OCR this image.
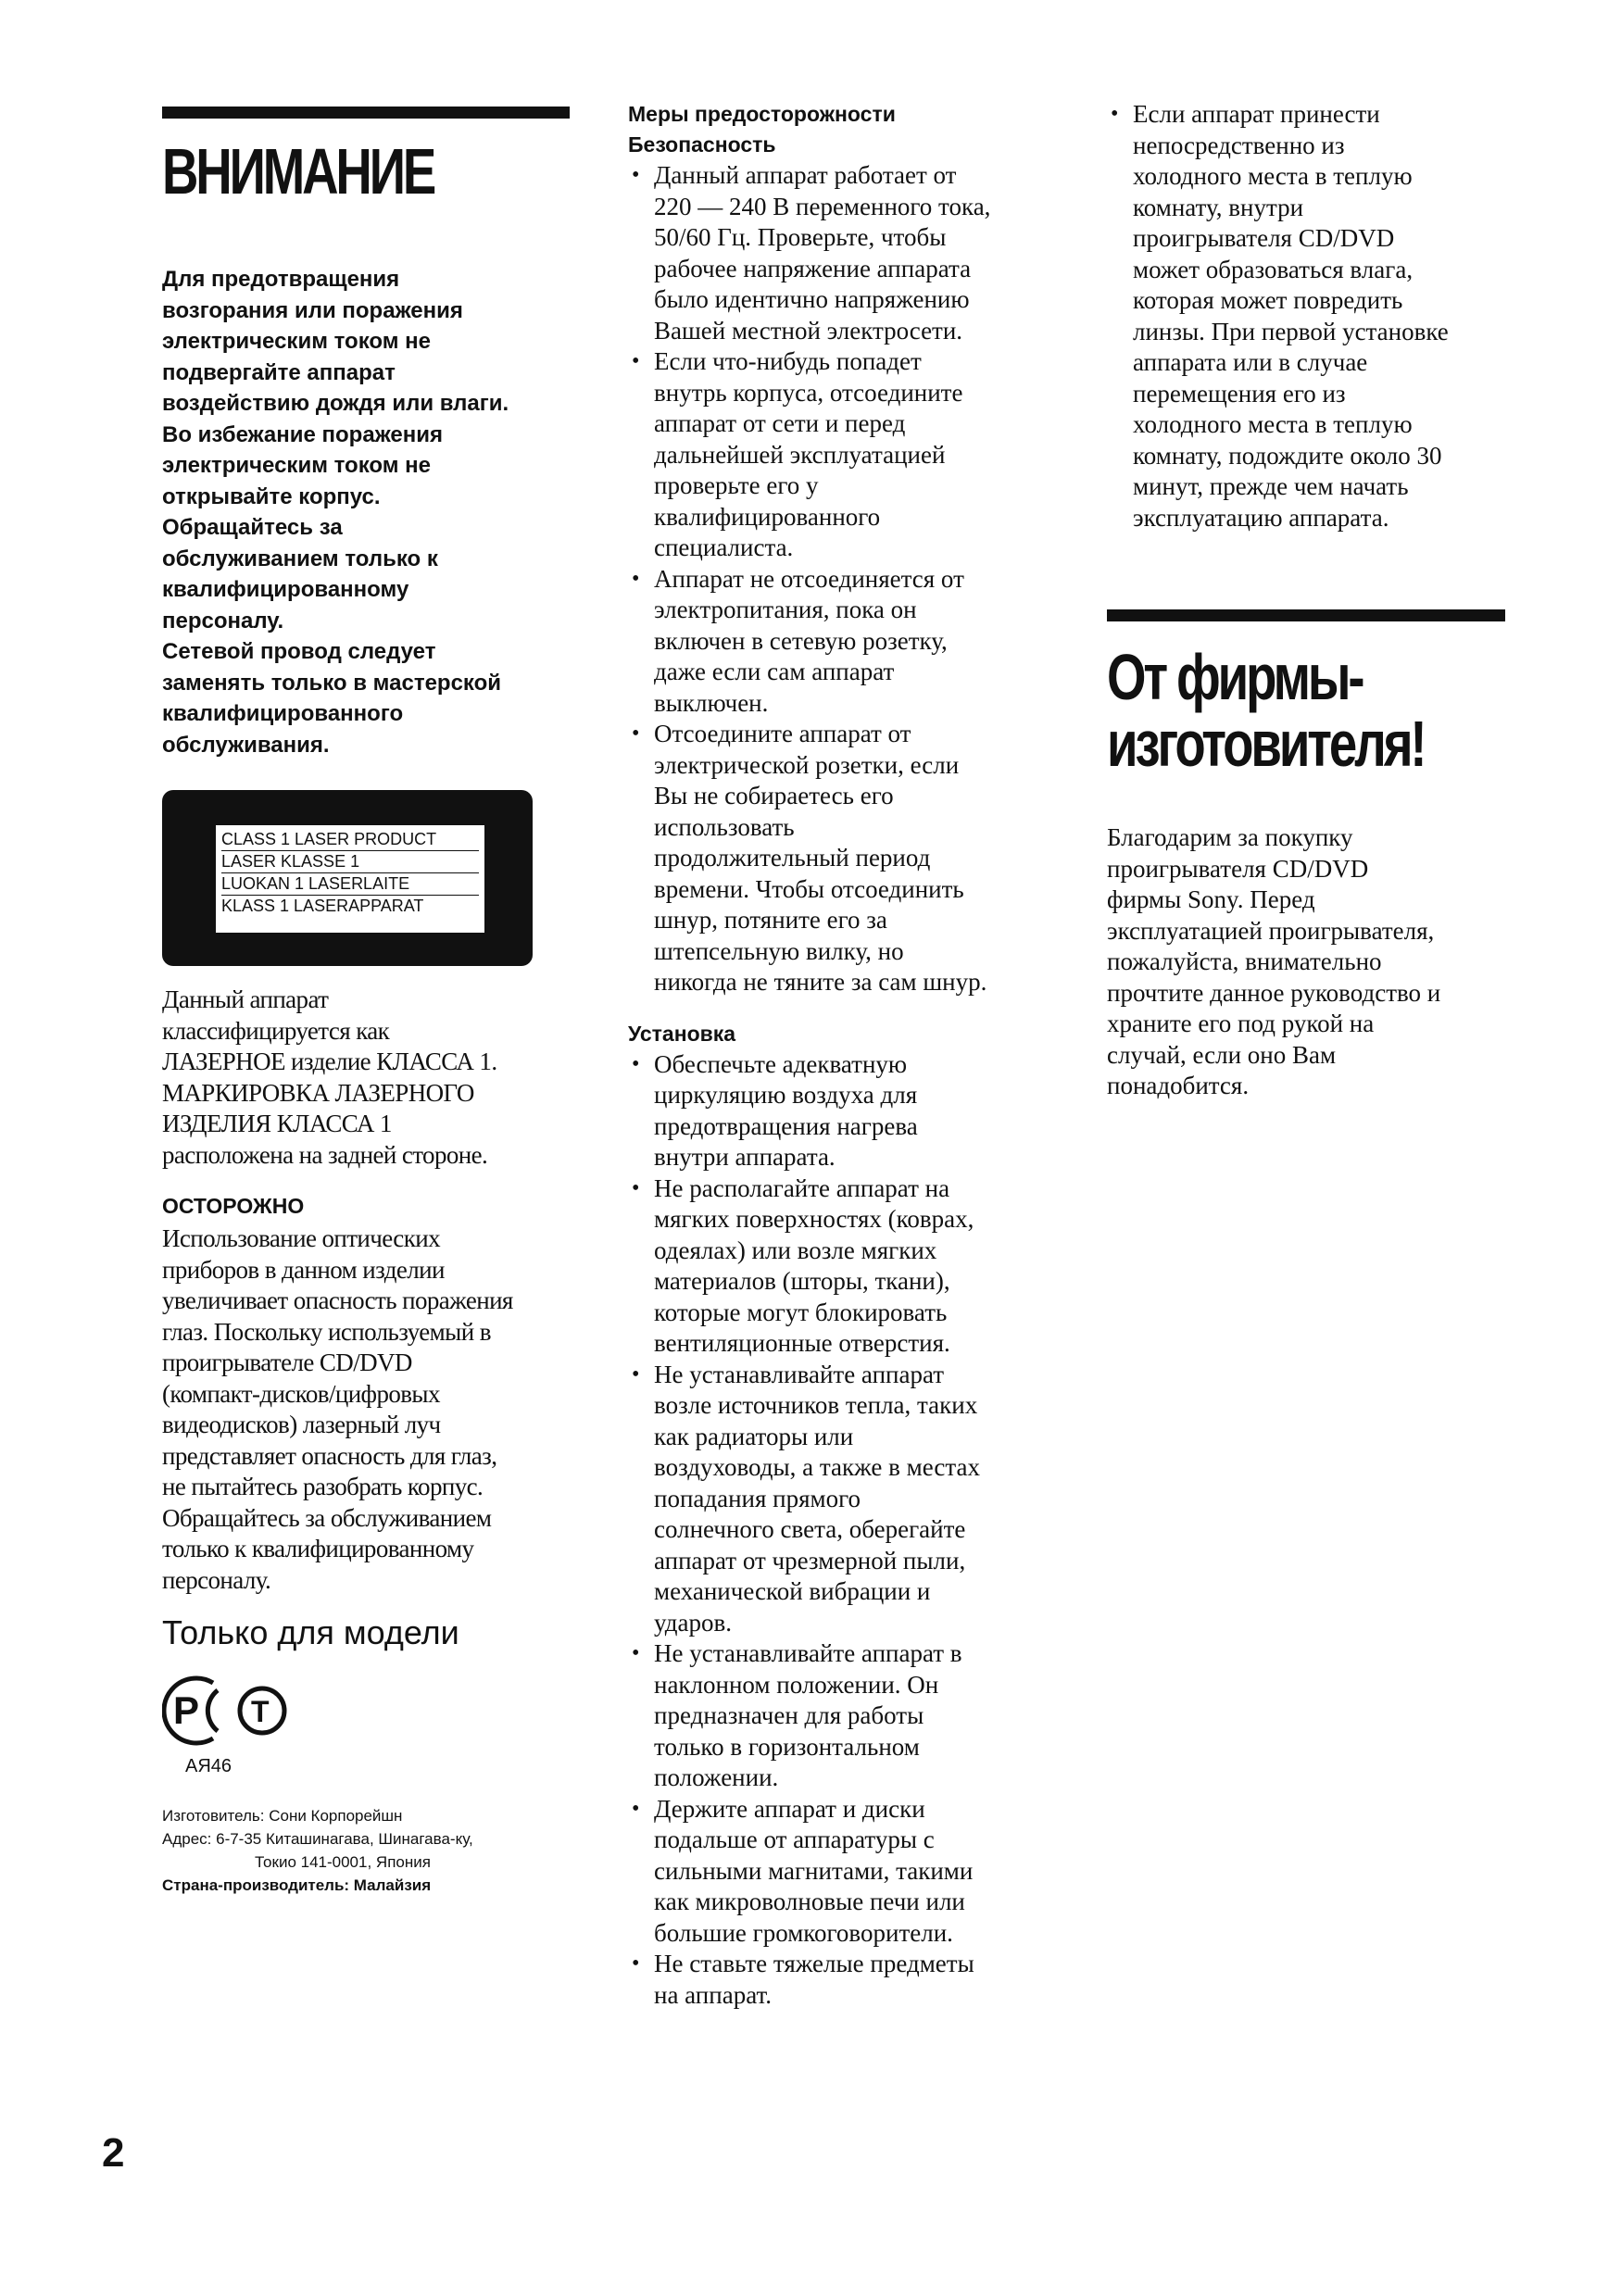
ВНИМАНИЕ

Для предотвращения

возгорания или поражения

электрическим током не

подвергайте аппарат

воздействию дождя или влаги.

Во избежание поражения

электрическим током не

открывайте корпус.

Обращайтесь за

обслуживанием только к

квалифицированному

персоналу.

Сетевой провод следует

заменять только в мастерской

квалифицированного

обслуживания.

CLASS 1 LASER PRODUCT
LASER KLASSE 1
LUOKAN 1 LASERLAITE
KLASS 1 LASERAPPARAT

Данный аппарат

классифицируется как

ЛАЗЕРНОЕ изделие КЛАССА 1.

МАРКИРОВКА ЛАЗЕРНОГО

ИЗДЕЛИЯ КЛАССА 1

расположена на задней стороне.

ОСТОРОЖНО

Использование оптических

приборов в данном изделии

увеличивает опасность поражения

глаз. Поскольку используемый в

проигрывателе CD/DVD

(компакт-дисков/цифровых

видеодисков) лазерный луч

представляет опасность для глаз,

не пытайтесь разобрать корпус.

Обращайтесь за обслуживанием

только к квалифицированному

персоналу.

Только для модели

P T

AЯ46

Изготовитель: Сони Корпорейшн

Адрес: 6-7-35 Киташинагава, Шинагава-ку,

Токио 141-0001, Япония

Страна-производитель: Малайзия

Меры предосторожности

Безопасность

• Данный аппарат работает от
220 — 240 В переменного тока,
50/60 Гц. Проверьте, чтобы
рабочее напряжение аппарата
было идентично напряжению
Вашей местной электросети.
• Если что-нибудь попадет
внутрь корпуса, отсоедините
аппарат от сети и перед
дальнейшей эксплуатацией
проверьте его у
квалифицированного
специалиста.
• Аппарат не отсоединяется от
электропитания, пока он
включен в сетевую розетку,
даже если сам аппарат
выключен.
• Отсоедините аппарат от
электрической розетки, если
Вы не собираетесь его
использовать
продолжительный период
времени. Чтобы отсоединить
шнур, потяните его за
штепсельную вилку, но
никогда не тяните за сам шнур.

Установка

• Обеспечьте адекватную
циркуляцию воздуха для
предотвращения нагрева
внутри аппарата.
• Не располагайте аппарат на
мягких поверхностях (коврах,
одеялах) или возле мягких
материалов (шторы, ткани),
которые могут блокировать
вентиляционные отверстия.
• Не устанавливайте аппарат
возле источников тепла, таких
как радиаторы или
воздуховоды, а также в местах
попадания прямого
солнечного света, оберегайте
аппарат от чрезмерной пыли,
механической вибрации и
ударов.
• Не устанавливайте аппарат в
наклонном положении. Он
предназначен для работы
только в горизонтальном
положении.
• Держите аппарат и диски
подальше от аппаратуры с
сильными магнитами, такими
как микроволновые печи или
большие громкоговорители.
• Не ставьте тяжелые предметы
на аппарат.
• Если аппарат принести
непосредственно из
холодного места в теплую
комнату, внутри
проигрывателя CD/DVD
может образоваться влага,
которая может повредить
линзы. При первой установке
аппарата или в случае
перемещения его из
холодного места в теплую
комнату, подождите около 30
минут, прежде чем начать
эксплуатацию аппарата.
От фирмы-
изготовителя!

Благодарим за покупку

проигрывателя CD/DVD

фирмы Sony. Перед

эксплуатацией проигрывателя,

пожалуйста, внимательно

прочтите данное руководство и

храните его под рукой на

случай, если оно Вам

понадобится.

2
